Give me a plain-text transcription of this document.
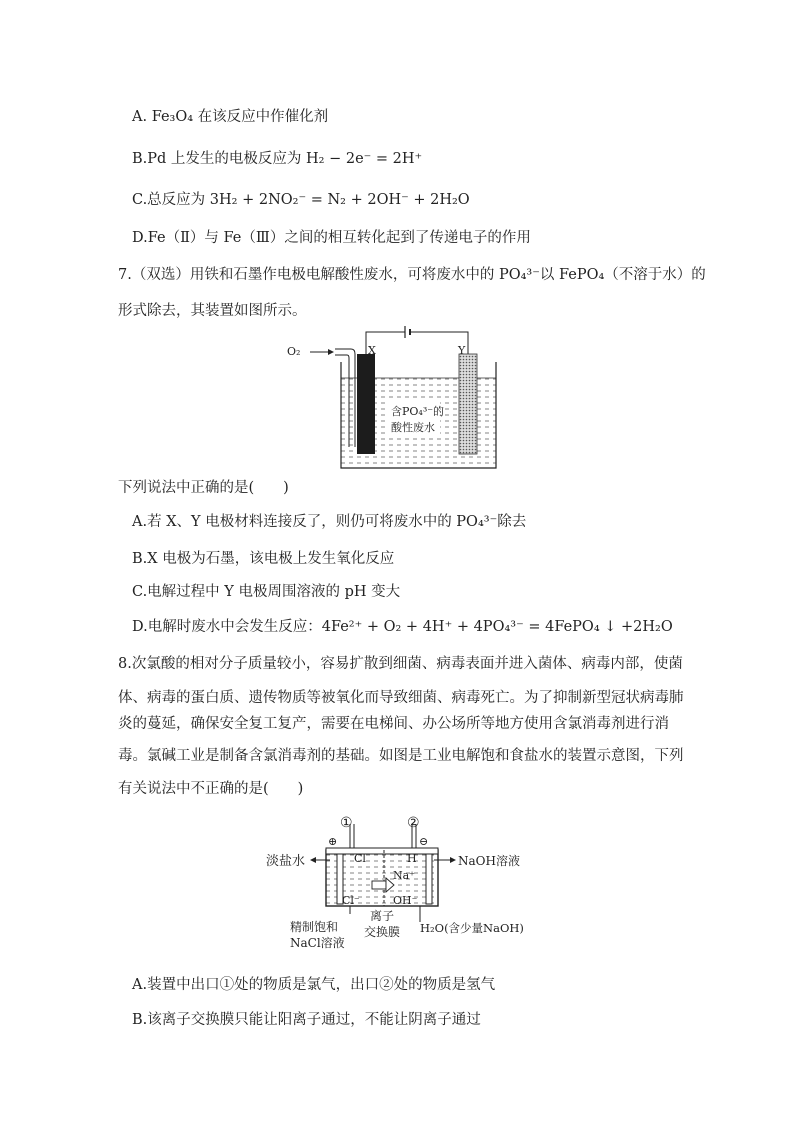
A. Fe₃O₄ 在该反应中作催化剂
B.Pd 上发生的电极反应为 H₂ − 2e⁻ = 2H⁺
C.总反应为 3H₂ + 2NO₂⁻ = N₂ + 2OH⁻ + 2H₂O
D.Fe（Ⅱ）与 Fe（Ⅲ）之间的相互转化起到了传递电子的作用
7.（双选）用铁和石墨作电极电解酸性废水，可将废水中的 PO₄³⁻以 FePO₄（不溶于水）的
形式除去，其装置如图所示。
O₂	X	Y
含PO₄³⁻的
酸性废水
下列说法中正确的是(　　)
A.若 X、Y 电极材料连接反了，则仍可将废水中的 PO₄³⁻除去
B.X 电极为石墨，该电极上发生氧化反应
C.电解过程中 Y 电极周围溶液的 pH 变大
D.电解时废水中会发生反应：4Fe²⁺ + O₂ + 4H⁺ + 4PO₄³⁻ = 4FePO₄ ↓ +2H₂O
8.次氯酸的相对分子质量较小，容易扩散到细菌、病毒表面并进入菌体、病毒内部，使菌
体、病毒的蛋白质、遗传物质等被氧化而导致细菌、病毒死亡。为了抑制新型冠状病毒肺
炎的蔓延，确保安全复工复产，需要在电梯间、办公场所等地方使用含氯消毒剂进行消
毒。氯碱工业是制备含氯消毒剂的基础。如图是工业电解饱和食盐水的装置示意图，下列
有关说法中不正确的是(　　)
①	②
⊕	⊖
Cl	H
淡盐水	NaOH溶液
Na⁺
Cl⁻	OH⁻
精制饱和
NaCl溶液
离子
交换膜 H₂O(含少量NaOH)
A.装置中出口①处的物质是氯气，出口②处的物质是氢气
B.该离子交换膜只能让阳离子通过，不能让阴离子通过
